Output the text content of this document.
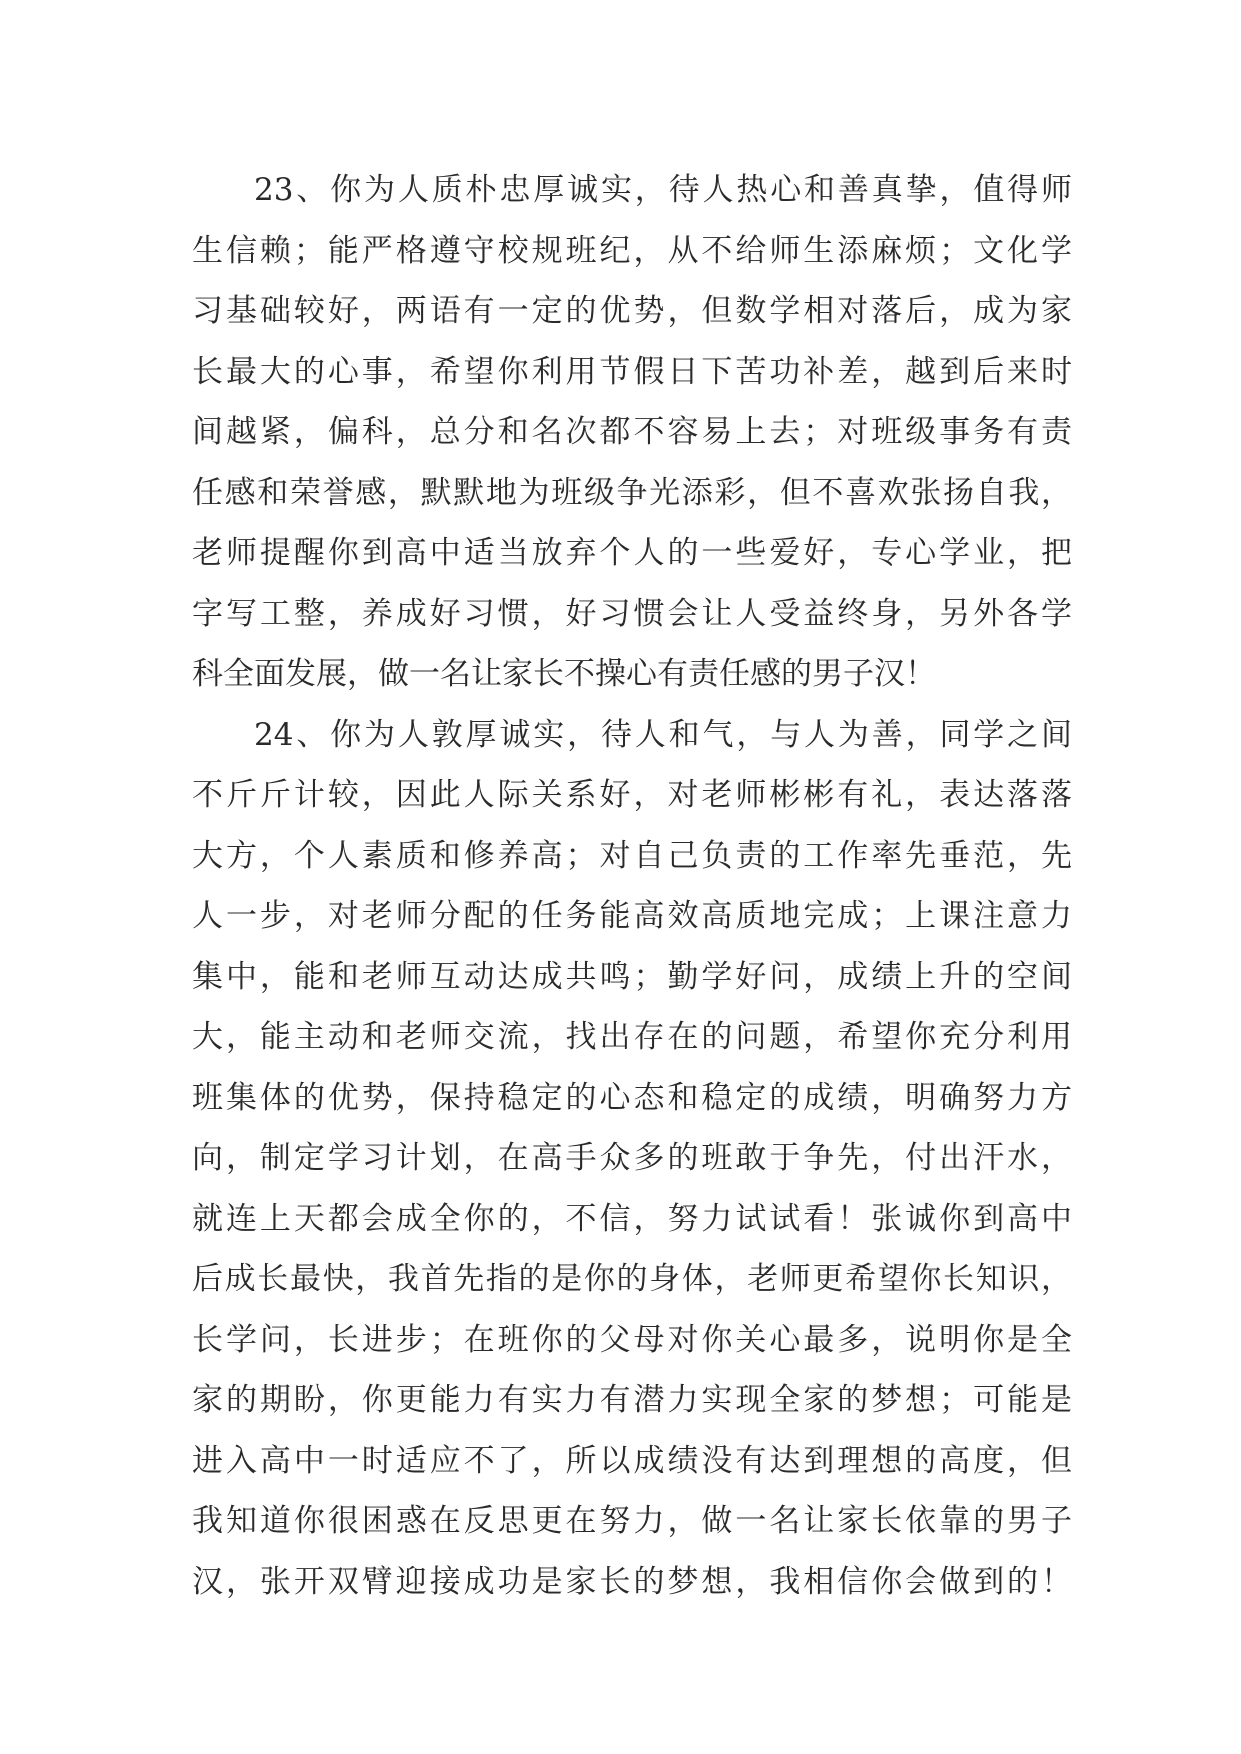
23、你为人质朴忠厚诚实，待人热心和善真挚，值得师
生信赖；能严格遵守校规班纪，从不给师生添麻烦；文化学
习基础较好，两语有一定的优势，但数学相对落后，成为家
长最大的心事，希望你利用节假日下苦功补差，越到后来时
间越紧，偏科，总分和名次都不容易上去；对班级事务有责
任感和荣誉感，默默地为班级争光添彩，但不喜欢张扬自我，
老师提醒你到高中适当放弃个人的一些爱好，专心学业，把
字写工整，养成好习惯，好习惯会让人受益终身，另外各学
科全面发展，做一名让家长不操心有责任感的男子汉！
24、你为人敦厚诚实，待人和气，与人为善，同学之间
不斤斤计较，因此人际关系好，对老师彬彬有礼，表达落落
大方，个人素质和修养高；对自己负责的工作率先垂范，先
人一步，对老师分配的任务能高效高质地完成；上课注意力
集中，能和老师互动达成共鸣；勤学好问，成绩上升的空间
大，能主动和老师交流，找出存在的问题，希望你充分利用
班集体的优势，保持稳定的心态和稳定的成绩，明确努力方
向，制定学习计划，在高手众多的班敢于争先，付出汗水，
就连上天都会成全你的，不信，努力试试看！张诚你到高中
后成长最快，我首先指的是你的身体，老师更希望你长知识，
长学问，长进步；在班你的父母对你关心最多，说明你是全
家的期盼，你更能力有实力有潜力实现全家的梦想；可能是
进入高中一时适应不了，所以成绩没有达到理想的高度，但
我知道你很困惑在反思更在努力，做一名让家长依靠的男子
汉，张开双臂迎接成功是家长的梦想，我相信你会做到的！
